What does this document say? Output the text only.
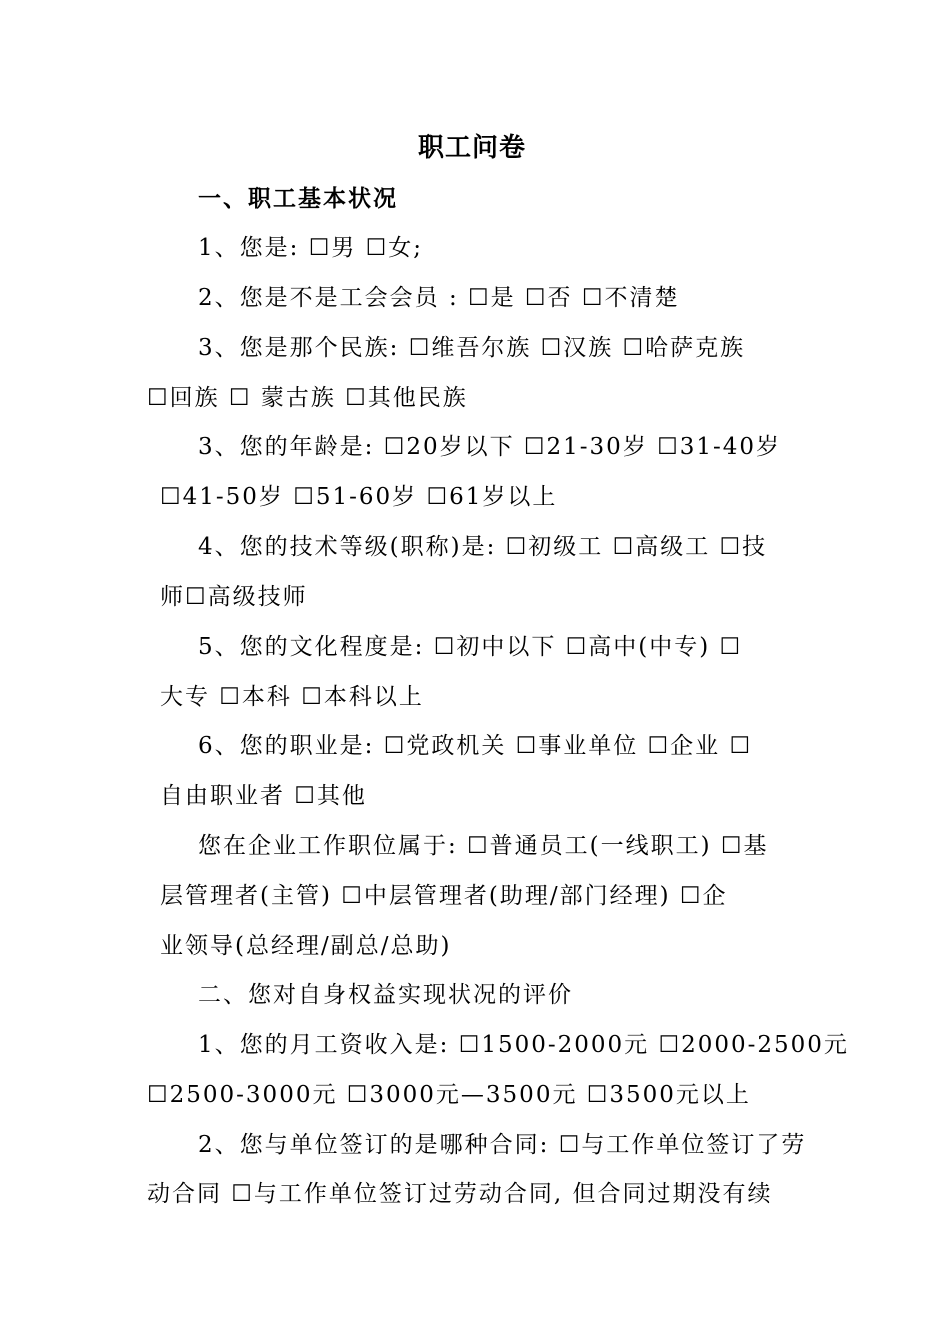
职工问卷
一、职工基本状况
1、您是: ☐男 ☐女;
2、您是不是工会会员 : ☐是 ☐否 ☐不清楚
3、您是那个民族: ☐维吾尔族 ☐汉族 ☐哈萨克族
☐回族 ☐ 蒙古族 ☐其他民族
3、您的年龄是: ☐20岁以下 ☐21-30岁 ☐31-40岁
☐41-50岁 ☐51-60岁 ☐61岁以上
4、您的技术等级(职称)是: ☐初级工 ☐高级工 ☐技
师☐高级技师
5、您的文化程度是: ☐初中以下 ☐高中(中专) ☐
大专 ☐本科 ☐本科以上
6、您的职业是: ☐党政机关 ☐事业单位 ☐企业 ☐
自由职业者 ☐其他
您在企业工作职位属于: ☐普通员工(一线职工) ☐基
层管理者(主管) ☐中层管理者(助理/部门经理) ☐企
业领导(总经理/副总/总助)
二、您对自身权益实现状况的评价
1、您的月工资收入是: ☐1500-2000元 ☐2000-2500元
☐2500-3000元 ☐3000元—3500元 ☐3500元以上
2、您与单位签订的是哪种合同: ☐与工作单位签订了劳
动合同 ☐与工作单位签订过劳动合同, 但合同过期没有续
